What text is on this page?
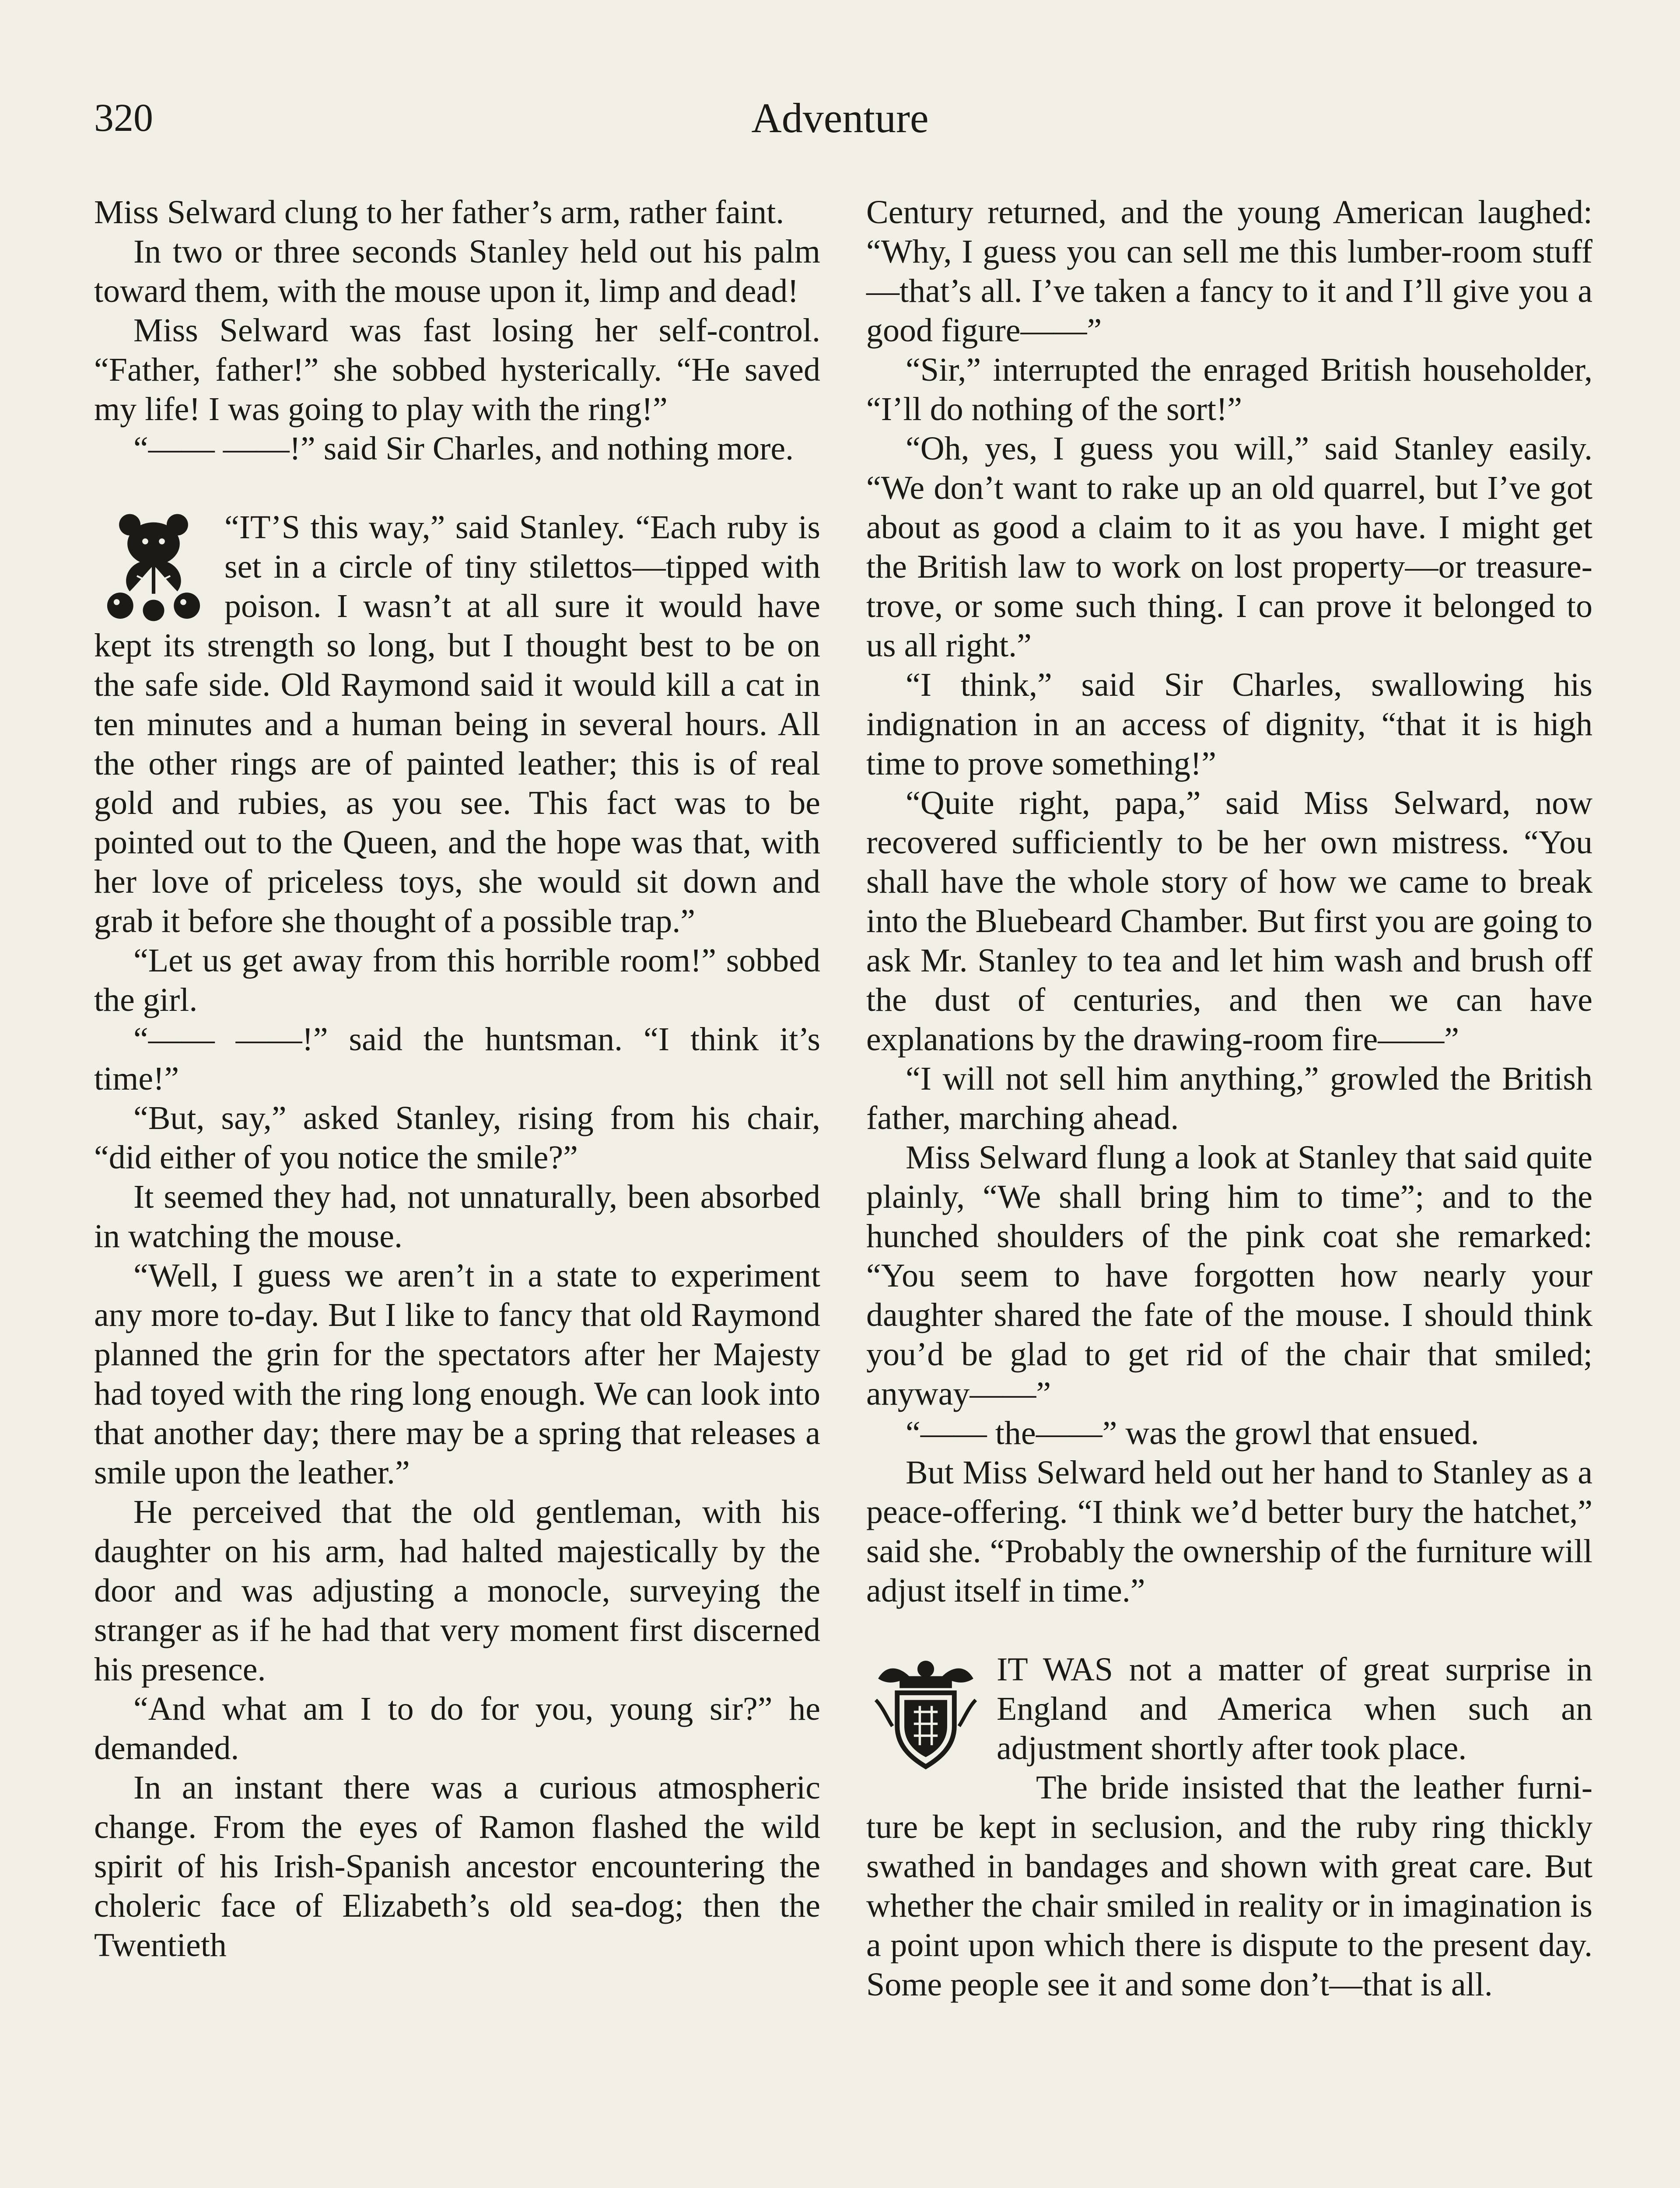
320	Adventure

Miss Selward clung to her father’s arm, rather faint.

In two or three seconds Stanley held out his palm toward them, with the mouse upon it, limp and dead!

Miss Selward was fast losing her self-control. “Father, father!” she sobbed hysterically. “He saved my life! I was going to play with the ring!”

“—— ——!” said Sir Charles, and nothing more.

“IT’S this way,” said Stanley. “Each ruby is set in a circle of tiny stilettos—tipped with poison. I wasn’t at all sure it would have kept its strength so long, but I thought best to be on the safe side. Old Raymond said it would kill a cat in ten minutes and a human being in several hours. All the other rings are of painted leather; this is of real gold and rubies, as you see. This fact was to be pointed out to the Queen, and the hope was that, with her love of priceless toys, she would sit down and grab it before she thought of a possible trap.”

“Let us get away from this horrible room!” sobbed the girl.

“—— ——!” said the huntsman. “I think it’s time!”

“But, say,” asked Stanley, rising from his chair, “did either of you notice the smile?”

It seemed they had, not unnaturally, been absorbed in watching the mouse.

“Well, I guess we aren’t in a state to experiment any more to-day. But I like to fancy that old Raymond planned the grin for the spectators after her Majesty had toyed with the ring long enough. We can look into that another day; there may be a spring that releases a smile upon the leather.”

He perceived that the old gentleman, with his daughter on his arm, had halted majestically by the door and was adjusting a monocle, surveying the stranger as if he had that very moment first discerned his presence.

“And what am I to do for you, young sir?” he demanded.

In an instant there was a curious atmospheric change. From the eyes of Ramon flashed the wild spirit of his Irish-Spanish ancestor encountering the choleric face of Elizabeth’s old sea-dog; then the Twentieth

Century returned, and the young American laughed: “Why, I guess you can sell me this lumber-room stuff—that’s all. I’ve taken a fancy to it and I’ll give you a good figure——”

“Sir,” interrupted the enraged British householder, “I’ll do nothing of the sort!”

“Oh, yes, I guess you will,” said Stanley easily. “We don’t want to rake up an old quarrel, but I’ve got about as good a claim to it as you have. I might get the British law to work on lost property—or treasure-trove, or some such thing. I can prove it belonged to us all right.”

“I think,” said Sir Charles, swallowing his indignation in an access of dignity, “that it is high time to prove something!”

“Quite right, papa,” said Miss Selward, now recovered sufficiently to be her own mistress. “You shall have the whole story of how we came to break into the Bluebeard Chamber. But first you are going to ask Mr. Stanley to tea and let him wash and brush off the dust of centuries, and then we can have explanations by the drawing-room fire——”

“I will not sell him anything,” growled the British father, marching ahead.

Miss Selward flung a look at Stanley that said quite plainly, “We shall bring him to time”; and to the hunched shoulders of the pink coat she remarked: “You seem to have forgotten how nearly your daughter shared the fate of the mouse. I should think you’d be glad to get rid of the chair that smiled; anyway——”

“—— the——” was the growl that ensued.

But Miss Selward held out her hand to Stanley as a peace-offering. “I think we’d better bury the hatchet,” said she. “Probably the ownership of the furniture will adjust itself in time.”

IT WAS not a matter of great surprise in England and America when such an adjustment shortly after took place.

The bride insisted that the leather furniture be kept in seclusion, and the ruby ring thickly swathed in bandages and shown with great care. But whether the chair smiled in reality or in imagination is a point upon which there is dispute to the present day. Some people see it and some don’t—that is all.
